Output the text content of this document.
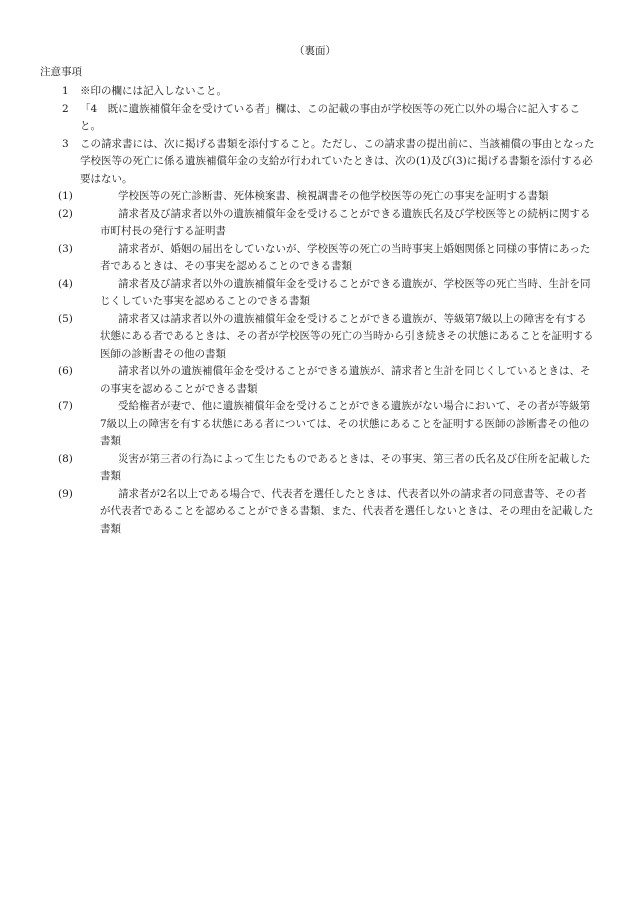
（裏面）
注意事項
1 ※印の欄には記入しないこと。
2 「4　既に遺族補償年金を受けている者」欄は、この記載の事由が学校医等の死亡以外の場合に記入すること。
3 この請求書には、次に掲げる書類を添付すること。ただし、この請求書の提出前に、当該補償の事由となった学校医等の死亡に係る遺族補償年金の支給が行われていたときは、次の(1)及び(3)に掲げる書類を添付する必要はない。
(1)	学校医等の死亡診断書、死体検案書、検視調書その他学校医等の死亡の事実を証明する書類
(2)	請求者及び請求者以外の遺族補償年金を受けることができる遺族氏名及び学校医等との続柄に関する市町村長の発行する証明書
(3)	請求者が、婚姻の届出をしていないが、学校医等の死亡の当時事実上婚姻関係と同様の事情にあった者であるときは、その事実を認めることのできる書類
(4)	請求者及び請求者以外の遺族補償年金を受けることができる遺族が、学校医等の死亡当時、生計を同じくしていた事実を認めることのできる書類
(5)	請求者又は請求者以外の遺族補償年金を受けることができる遺族が、等級第7級以上の障害を有する状態にある者であるときは、その者が学校医等の死亡の当時から引き続きその状態にあることを証明する医師の診断書その他の書類
(6)	請求者以外の遺族補償年金を受けることができる遺族が、請求者と生計を同じくしているときは、その事実を認めることができる書類
(7)	受給権者が妻で、他に遺族補償年金を受けることができる遺族がない場合において、その者が等級第7級以上の障害を有する状態にある者については、その状態にあることを証明する医師の診断書その他の書類
(8)	災害が第三者の行為によって生じたものであるときは、その事実、第三者の氏名及び住所を記載した書類
(9)	請求者が2名以上である場合で、代表者を選任したときは、代表者以外の請求者の同意書等、その者が代表者であることを認めることができる書類、また、代表者を選任しないときは、その理由を記載した書類
